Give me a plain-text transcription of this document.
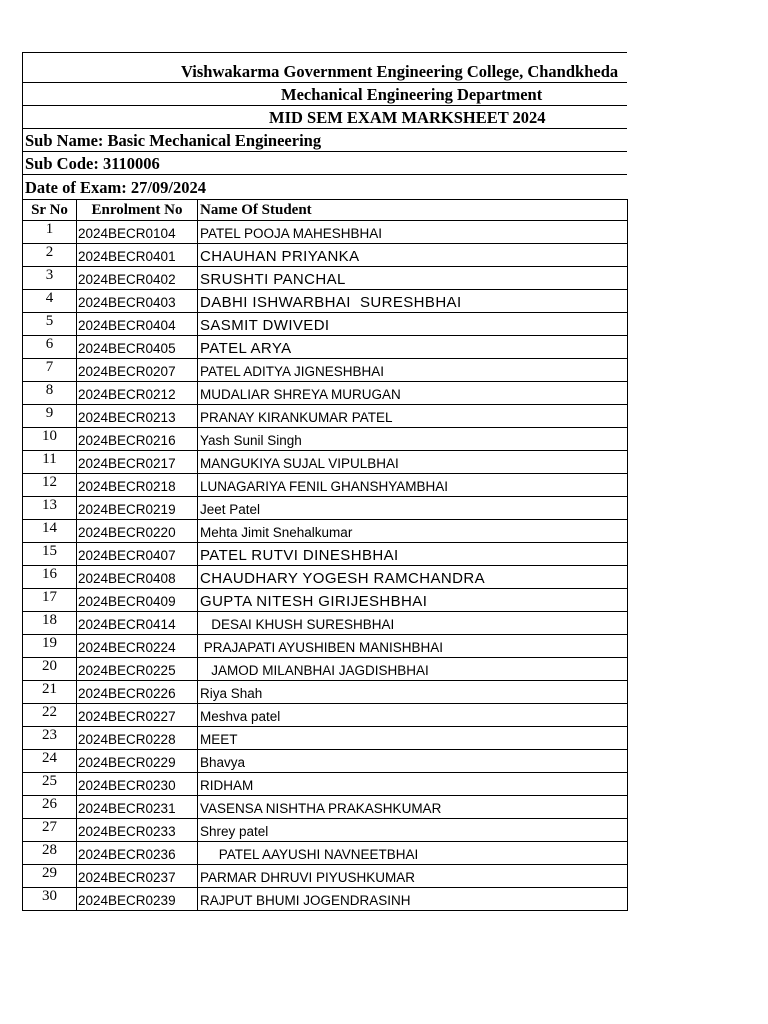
Vishwakarma Government Engineering College, Chandkheda
Mechanical Engineering Department
MID SEM EXAM MARKSHEET 2024
Sub Name: Basic Mechanical Engineering
Sub Code: 3110006
Date of Exam: 27/09/2024
Sr No	Enrolment No	Name Of Student
1	2024BECR0104	PATEL POOJA MAHESHBHAI
2	2024BECR0401	CHAUHAN PRIYANKA
3	2024BECR0402	SRUSHTI PANCHAL
4	2024BECR0403	DABHI ISHWARBHAI  SURESHBHAI
5	2024BECR0404	SASMIT DWIVEDI
6	2024BECR0405	PATEL ARYA
7	2024BECR0207	PATEL ADITYA JIGNESHBHAI
8	2024BECR0212	MUDALIAR SHREYA MURUGAN
9	2024BECR0213	PRANAY KIRANKUMAR PATEL
10	2024BECR0216	Yash Sunil Singh
11	2024BECR0217	MANGUKIYA SUJAL VIPULBHAI
12	2024BECR0218	LUNAGARIYA FENIL GHANSHYAMBHAI
13	2024BECR0219	Jeet Patel
14	2024BECR0220	Mehta Jimit Snehalkumar
15	2024BECR0407	PATEL RUTVI DINESHBHAI
16	2024BECR0408	CHAUDHARY YOGESH RAMCHANDRA
17	2024BECR0409	GUPTA NITESH GIRIJESHBHAI
18	2024BECR0414	DESAI KHUSH SURESHBHAI
19	2024BECR0224	PRAJAPATI AYUSHIBEN MANISHBHAI
20	2024BECR0225	JAMOD MILANBHAI JAGDISHBHAI
21	2024BECR0226	Riya Shah
22	2024BECR0227	Meshva patel
23	2024BECR0228	MEET
24	2024BECR0229	Bhavya
25	2024BECR0230	RIDHAM
26	2024BECR0231	VASENSA NISHTHA PRAKASHKUMAR
27	2024BECR0233	Shrey patel
28	2024BECR0236	PATEL AAYUSHI NAVNEETBHAI
29	2024BECR0237	PARMAR DHRUVI PIYUSHKUMAR
30	2024BECR0239	RAJPUT BHUMI JOGENDRASINH
